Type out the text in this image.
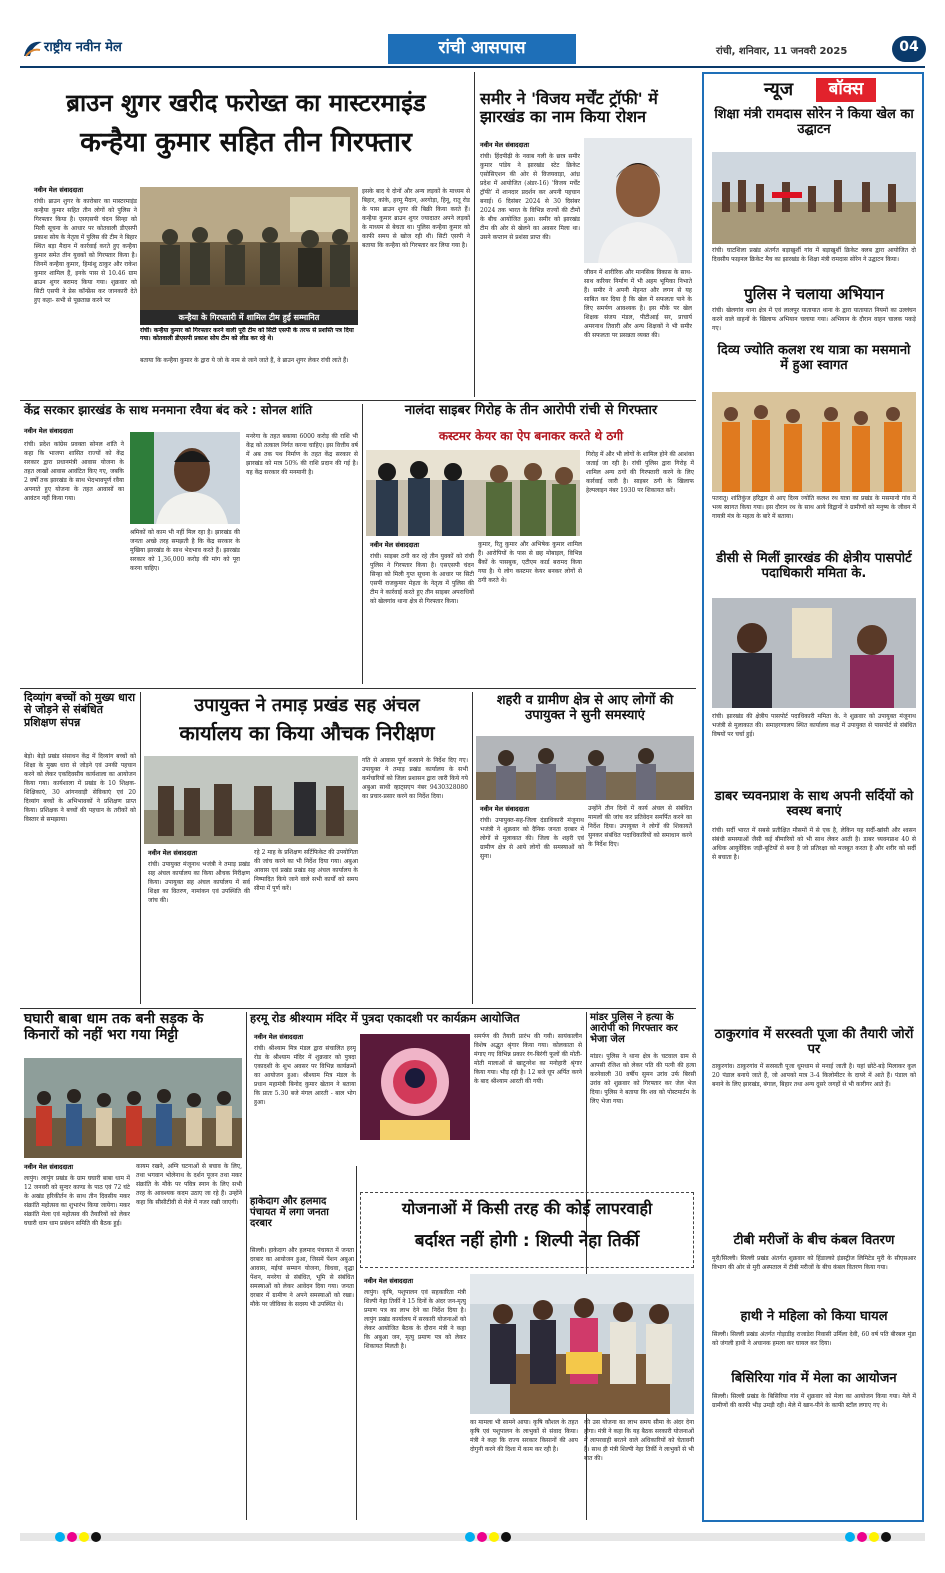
राष्ट्रीय नवीन मेल	रांची आसपास	रांची, शनिवार, 11 जनवरी 2025	04
ब्राउन शुगर खरीद फरोख्त का मास्टरमाइंड
कन्हैया कुमार सहित तीन गिरफ्तार
नवीन मेल संवाददाता
रांची। ब्राउन शुगर के कारोबार का मास्टरमाइंड कन्हैया कुमार सहित तीन लोगों को पुलिस ने गिरफ्तार किया है। एसएसपी चंदन सिन्हा को मिली सूचना के आधार पर कोतवाली डीएसपी प्रकाश सोय के नेतृत्व में पुलिस की टीम ने बिहार स्थित बड़ा मैदान में कार्रवाई करते हुए कन्हैया कुमार समेत तीन युवकों को गिरफ्तार किया है। जिनमें कन्हैया कुमार, हिमांशु ठाकुर और राकेश कुमार शामिल हैं, इनके पास से 10.46 ग्राम ब्राउन शुगर बरामद किया गया। शुक्रवार को सिटी एसपी ने प्रेस कॉन्फ्रेंस कर जानकारी देते हुए कहा- सभी से पूछताछ करने पर
कन्हैया के गिरफ्तारी में शामिल टीम हुई सम्मानित
रांची। कन्हैया कुमार को गिरफ्तार करने वाली पूरी टीम को सिटी एसपी के तरफ से प्रशस्ति पत्र दिया गया। कोतवाली डीएसपी प्रकाश सोय टीम को लीड कर रहे थे।
बताया कि कन्हैया कुमार के द्वारा ये जो के नाम से जाने जाते हैं, वे ब्राउन शुगर लेकर रांची लाते हैं।
इसके बाद ये दोनों और अन्य लड़कों के माध्यम से बिहार, कांके, हरमू मैदान, अरगोड़ा, हिनू, रातू रोड के पास ब्राउन शुगर की बिक्री किया करते हैं। कन्हैया कुमार ब्राउन शुगर ज्यादातर अपने लड़कों के माध्यम से बेचता था। पुलिस कन्हैया कुमार को काफी समय से खोज रही थी। सिटी एसपी ने बताया कि कन्हैया को गिरफ्तार कर लिया गया है।
समीर ने 'विजय मर्चेंट ट्रॉफी' में झारखंड का नाम किया रोशन
नवीन मेल संवाददाता
रांची। हिंदपीढ़ी के नवाब गली के छात्र समीर कुमार पांडेय ने झारखंड स्टेट क्रिकेट एसोसिएशन की ओर से विजयवाड़ा, आंध्र प्रदेश में आयोजित (अंडर-16) 'विजय मर्चेंट ट्रॉफी' में शानदार प्रदर्शन कर अपनी पहचान बनाई। 6 दिसंबर 2024 से 30 दिसंबर 2024 तक भारत के विभिन्न राज्यों की टीमों के बीच आयोजित हुआ। समीर को झारखंड टीम की ओर से खेलने का अवसर मिला था। उसने कप्तान से प्रशंसा प्राप्त की।
जीवन में शारीरिक और मानसिक विकास के साथ-साथ करियर निर्माण में भी अहम भूमिका निभाते हैं। समीर ने अपनी मेहनत और लगन से यह साबित कर दिया है कि खेल में सफलता पाने के लिए समर्पण आवश्यक है। इस मौके पर खेल शिक्षक संजय मंडल, पीटीआई सर, प्राचार्य अमरनाथ तिवारी और अन्य शिक्षकों ने भी समीर की सफलता पर प्रसन्नता व्यक्त की।
न्यूज	बॉक्स
शिक्षा मंत्री रामदास सोरेन ने किया खेल का उद्घाटन
रांची। घाटशिला प्रखंड अंतर्गत बड़ाखुर्शी गांव में बड़ाखुर्शी क्रिकेट क्लब द्वारा आयोजित दो दिवसीय फाइनल क्रिकेट मैच का झारखंड के शिक्षा मंत्री रामदास सोरेन ने उद्घाटन किया।
पुलिस ने चलाया अभियान
रांची। खेलगांव थाना क्षेत्र में एवं लालपुर यातायात थाना के द्वारा यातायात नियमों का उल्लंघन करने वाले वाहनों के खिलाफ अभियान चलाया गया। अभियान के दौरान वाहन चालक पकड़े गए।
दिव्य ज्योति कलश रथ यात्रा का मसमानो में हुआ स्वागत
पतरातू। शांतिकुंज हरिद्वार से आए दिव्य ज्योति कलश रथ यात्रा का प्रखंड के मसमानो गांव में भव्य स्वागत किया गया। इस दौरान रथ के साथ आये विद्वानों ने ग्रामीणों को मनुष्य के जीवन में गायत्री मंत्र के महत्व के बारे में बताया।
डीसी से मिलीं झारखंड की क्षेत्रीय पासपोर्ट पदाधिकारी ममिता के.
रांची। झारखंड की क्षेत्रीय पासपोर्ट पदाधिकारी ममिता के. ने शुक्रवार को उपायुक्त मंजूनाथ भजंत्री से मुलाकात की। समाहरणालय स्थित कार्यालय कक्ष में उपायुक्त से पासपोर्ट से संबंधित विषयों पर चर्चा हुई।
डाबर च्यवनप्राश के साथ अपनी सर्दियों को स्वस्थ बनाएं
रांची। सर्दी भारत में सबसे प्रतीक्षित मौसमों में से एक है, लेकिन यह सर्दी-खांसी और श्वसन संबंधी समस्याओं जैसी कई बीमारियों को भी साथ लेकर आती है। डाबर च्यवनप्राश 40 से अधिक आयुर्वेदिक जड़ी-बूटियों से बना है जो प्रतिरक्षा को मजबूत करता है और शरीर को सर्दी से बचाता है।
ठाकुरगांव में सरस्वती पूजा की तैयारी जोरों पर
ठाकुरगांव। ठाकुरगांव में सरस्वती पूजा धूमधाम से मनाई जाती है। यहां छोटे-बड़े मिलाकर कुल 20 पंडाल बनाये जाते हैं, जो आपको मात्र 3-4 किलोमीटर के दायरे में आते हैं। पंडाल को बनाने के लिए झारखंड, बंगाल, बिहार तथा अन्य दूसरे जगहों से भी कारीगर आते हैं।
टीबी मरीजों के बीच कंबल वितरण
मुरी/सिल्ली। सिल्ली प्रखंड अंतर्गत शुक्रवार को हिंडाल्को इंडस्ट्रीज लिमिटेड मुरी के सीएसआर विभाग की ओर से मुरी अस्पताल में टीबी मरीजों के बीच कंबल वितरण किया गया।
हाथी ने महिला को किया घायल
सिल्ली। सिल्ली प्रखंड अंतर्गत गोड़ाडीह राजाडेरा निवासी उर्मिला देवी, 60 वर्ष पति बीरबल मुंडा को जंगली हाथी ने अचानक हमला कर घायल कर दिया।
बिसिरिया गांव में मेला का आयोजन
सिल्ली। सिल्ली प्रखंड के बिसिरिया गांव में शुक्रवार को मेला का आयोजन किया गया। मेले में ग्रामीणों की काफी भीड़ उमड़ी रही। मेले में खान-पीने के काफी स्टॉल लगाए गए थे।
केंद्र सरकार झारखंड के साथ मनमाना रवैया बंद करे : सोनल शांति
नवीन मेल संवाददाता
रांची। प्रदेश कांग्रेस प्रवक्ता सोनल शांति ने कहा कि भाजपा शासित राज्यों को केंद्र सरकार द्वारा प्रधानमंत्री आवास योजना के तहत लाखों आवास आवंटित किए गए, जबकि 2 वर्षों तक झारखंड के साथ भेदभावपूर्ण रवैया अपनाते हुए योजना के तहत आवासों का आवंटन नहीं किया गया।
श्रमिकों को काम भी नहीं मिल रहा है। झारखंड की जनता अच्छे तरह समझती है कि केंद्र सरकार के मुखिया झारखंड के साथ भेदभाव करते हैं। झारखंड सरकार को 1,36,000 करोड़ की मांग को पूरा करना चाहिए।
मनरेगा के तहत बकाया 6000 करोड़ की राशि भी केंद्र को तत्काल निर्गत करना चाहिए। इस वित्तीय वर्ष में अब तक पथ निर्माण के तहत केंद्र सरकार से झारखंड को मात्र 50% की राशि प्रदान की गई है। यह केंद्र सरकार की मनमानी है।
नालंदा साइबर गिरोह के तीन आरोपी रांची से गिरफ्तार
कस्टमर केयर का ऐप बनाकर करते थे ठगी
नवीन मेल संवाददाता
रांची। साइबर ठगी कर रहे तीन युवकों को रांची पुलिस ने गिरफ्तार किया है। एसएसपी चंदन सिन्हा को मिली गुप्त सूचना के आधार पर सिटी एसपी राजकुमार मेहता के नेतृत्व में पुलिस की टीम ने कार्रवाई करते हुए तीन साइबर अपराधियों को खेलगांव थाना क्षेत्र से गिरफ्तार किया।
कुमार, रितु कुमार और अभिषेक कुमार शामिल हैं। आरोपियों के पास से छह मोबाइल, विभिन्न बैंकों के पासबुक, एटीएम कार्ड बरामद किया गया है। ये लोग कस्टमर केयर बनकर लोगों से ठगी करते थे।
गिरोह में और भी लोगों के शामिल होने की आशंका जताई जा रही है। रांची पुलिस द्वारा गिरोह में शामिल अन्य ठगों की गिरफ्तारी करने के लिए कार्रवाई जारी है। साइबर ठगी के खिलाफ हेल्पलाइन नंबर 1930 पर शिकायत करें।
दिव्यांग बच्चों को मुख्य धारा से जोड़ने से संबंधित प्रशिक्षण संपन्न
बेड़ो। बेड़ो प्रखंड संसाधन केंद्र में दिव्यांग बच्चों को शिक्षा के मुख्य धारा से जोड़ने एवं उनकी पहचान करने को लेकर एकदिवसीय कार्यशाला का आयोजन किया गया। कार्यशाला में प्रखंड के 10 शिक्षक-शिक्षिकाएं, 30 आंगनवाड़ी सेविकाएं एवं 20 दिव्यांग बच्चों के अभिभावकों ने प्रशिक्षण प्राप्त किया। प्रशिक्षक ने बच्चों की पहचान के तरीकों को विस्तार से समझाया।
उपायुक्त ने तमाड़ प्रखंड सह अंचल
कार्यालय का किया औचक निरीक्षण
नवीन मेल संवाददाता
रांची। उपायुक्त मंजूनाथ भजंत्री ने तमाड़ प्रखंड सह अंचल कार्यालय का किया औचक निरीक्षण किया। उपायुक्त सह अंचल कार्यालय में सर्व शिक्षा का वितरण, नामांकन एवं उपस्थिति की जांच की।
रहे 2 माह के प्रशिक्षण सर्टिफिकेट की उपयोगिता की जांच करने का भी निर्देश दिया गया। अबुआ आवास एवं प्रखंड प्रखंड सह अंचल कार्यालय के निष्पादित किये जाने वाले सभी कार्यों को समय सीमा में पूर्ण करें।
गति से आवास पूर्ण करवाने के निर्देश दिए गए। उपायुक्त ने तमाड़ प्रखंड कार्यालय के सभी कर्मचारियों को जिला प्रशासन द्वारा जारी किये गये अबुआ साथी व्हाट्सएप नंबर 9430328080 का प्रचार-प्रसार करने का निर्देश दिया।
शहरी व ग्रामीण क्षेत्र से आए लोगों की उपायुक्त ने सुनी समस्याएं
नवीन मेल संवाददाता
रांची। उपायुक्त-सह-जिला दंडाधिकारी मंजूनाथ भजंत्री ने शुक्रवार को दैनिक जनता दरबार में लोगों से मुलाकात की। जिला के शहरी एवं ग्रामीण क्षेत्र से आये लोगों की समस्याओं को सुना।
उन्होंने तीन दिनों में कार्य अंचल से संबंधित मामलों की जांच कर प्रतिवेदन समर्पित करने का निर्देश दिया। उपायुक्त ने लोगों की शिकायतें सुनकर संबंधित पदाधिकारियों को समाधान करने के निर्देश दिए।
घघारी बाबा धाम तक बनी सड़क के किनारों को नहीं भरा गया मिट्टी
नवीन मेल संवाददाता
लापुंग। लापुंग प्रखंड के ग्राम घघारी बाबा धाम में 12 जनवरी को सुन्दर काण्ड के पाठ एवं 72 घंटे के अखंड हरिकीर्तन के साथ तीन दिवसीय मकर संक्रांति महोत्सव का शुभारंभ किया जायेगा। मकर संक्रांति मेला एवं महोत्सव की तैयारियों को लेकर घघारी धाम धाम प्रबंधन समिति की बैठक हुई।
कायम रखने, अग्नि घटनाओं से बचाव के लिए, तथा भगवान भोलेनाथ के दर्शन पूजन तथा मकर संक्रांति के मौके पर पवित्र स्नान के लिए सभी तरह के आवश्यक कदम उठाए जा रहे हैं। उन्होंने कहा कि सीसीटीवी से मेले में नजर रखी जाएगी।
हरमू रोड श्रीश्याम मंदिर में पुत्रदा एकादशी पर कार्यक्रम आयोजित
नवीन मेल संवाददाता
रांची। श्रीश्याम मित्र मंडल द्वारा संचालित हरमू रोड के श्रीश्याम मंदिर में शुक्रवार को पुत्रदा एकादशी के शुभ अवसर पर विभिन्न कार्यक्रमों का आयोजन हुआ। श्रीश्याम मित्र मंडल के प्रधान महामंत्री बिनोद कुमार खेतान ने बताया कि प्रातः 5.30 बजे मंगल आरती - बाल भोग हुआ।
समर्पण की तैयारी प्रारंभ की गयी। सायंकालीन विशेष अद्भुत श्रृंगार किया गया। कोलकाता से मंगाए गए विभिन्न प्रकार रंग-बिरंगी फूलों की मोती-मोती मालाओं से खाटूनरेश का मनोहारी श्रृंगार किया गया। भीड़ रही है। 12 बजे धूप अर्पित करने के बाद श्रीश्याम आरती की गयी।
मांडर पुलिस ने हत्या के आरोपी को गिरफ्तार कर भेजा जेल
मांडर। पुलिस ने थाना क्षेत्र के चटवाल ग्राम से आपसी रंजिश को लेकर पति की पत्नी की हत्या करनेवाली 30 वर्षीय सुमन उरांव उर्फ बिरसी उरांव को शुक्रवार को गिरफ्तार कर जेल भेज दिया। पुलिस ने बताया कि शव को पोस्टमार्टम के लिए भेजा गया।
हाकेदाग और हलमाद पंचायत में लगा जनता दरबार
सिल्ली। हाकेदाग और हलमाद पंचायत में जनता दरबार का आयोजन हुआ, जिसमें पेंशन अबुआ आवास, मईयां सम्मान योजना, विधवा, वृद्धा पेंशन, मनरेगा से संबंधित, भूमि से संबंधित समस्याओं को लेकर आवेदन दिया गया। जनता दरबार में ग्रामीण ने अपने समस्याओं को रखा। मौके पर जीविका के सदस्य भी उपस्थित थे।
योजनाओं में किसी तरह की कोई लापरवाही
बर्दाश्त नहीं होगी : शिल्पी नेहा तिर्की
नवीन मेल संवाददाता
लापुंग। कृषि, पशुपालन एवं सहकारिता मंत्री शिल्पी नेहा तिर्की ने 15 दिनों के अंदर जन-मृत्यु प्रमाण पत्र का लाभ देने का निर्देश दिया है। लापुंग प्रखंड कार्यालय में सरकारी योजनाओं को लेकर आयोजित बैठक के दौरान मंत्री ने कहा कि अबुआ जन, मृत्यु प्रमाण पत्र को लेकर शिकायत मिलती है।
का मामला भी सामने आया। कृषि कौशल के तहत कृषि एवं पशुपालन के लाभुकों से संवाद किया। मंत्री ने कहा कि राज्य सरकार किसानों की आय दोगुनी करने की दिशा में काम कर रही है।
की उस योजना का लाभ समय सीमा के अंदर देना होगा। मंत्री ने कहा कि यह बैठक सरकारी योजनाओं में लापरवाही बरतने वाले अधिकारियों को चेतावनी है। साथ ही मंत्री शिल्पी नेहा तिर्की ने लाभुकों से भी बात की।
